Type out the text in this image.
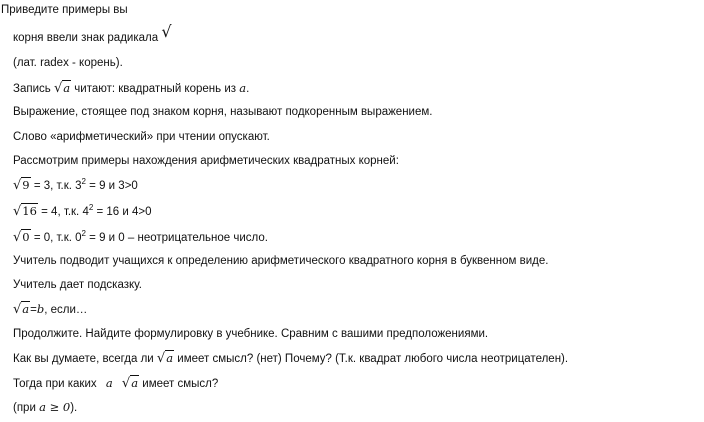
Приведите примеры вы
корня ввели знак радикала √
(лат. radex - корень).
Запись √a читают: квадратный корень из a.
Выражение, стоящее под знаком корня, называют подкоренным выражением.
Слово «арифметический» при чтении опускают.
Рассмотрим примеры нахождения арифметических квадратных корней:
√9 = 3, т.к. $3^2 = 9$ и 3>0
√16 = 4, т.к. $4^2 = 16$ и 4>0
√0 = 0, т.к. $0^2 = 9$ и 0 – неотрицательное число.
Учитель подводит учащихся к определению арифметического квадратного корня в буквенном виде.
Учитель дает подсказку.
√a=b, если…
Продолжите. Найдите формулировку в учебнике. Сравним с вашими предположениями.
Как вы думаете, всегда ли √a имеет смысл? (нет) Почему? (Т.к. квадрат любого числа неотрицателен).
Тогда при каких a √a имеет смысл?
(при a ≥ 0).
